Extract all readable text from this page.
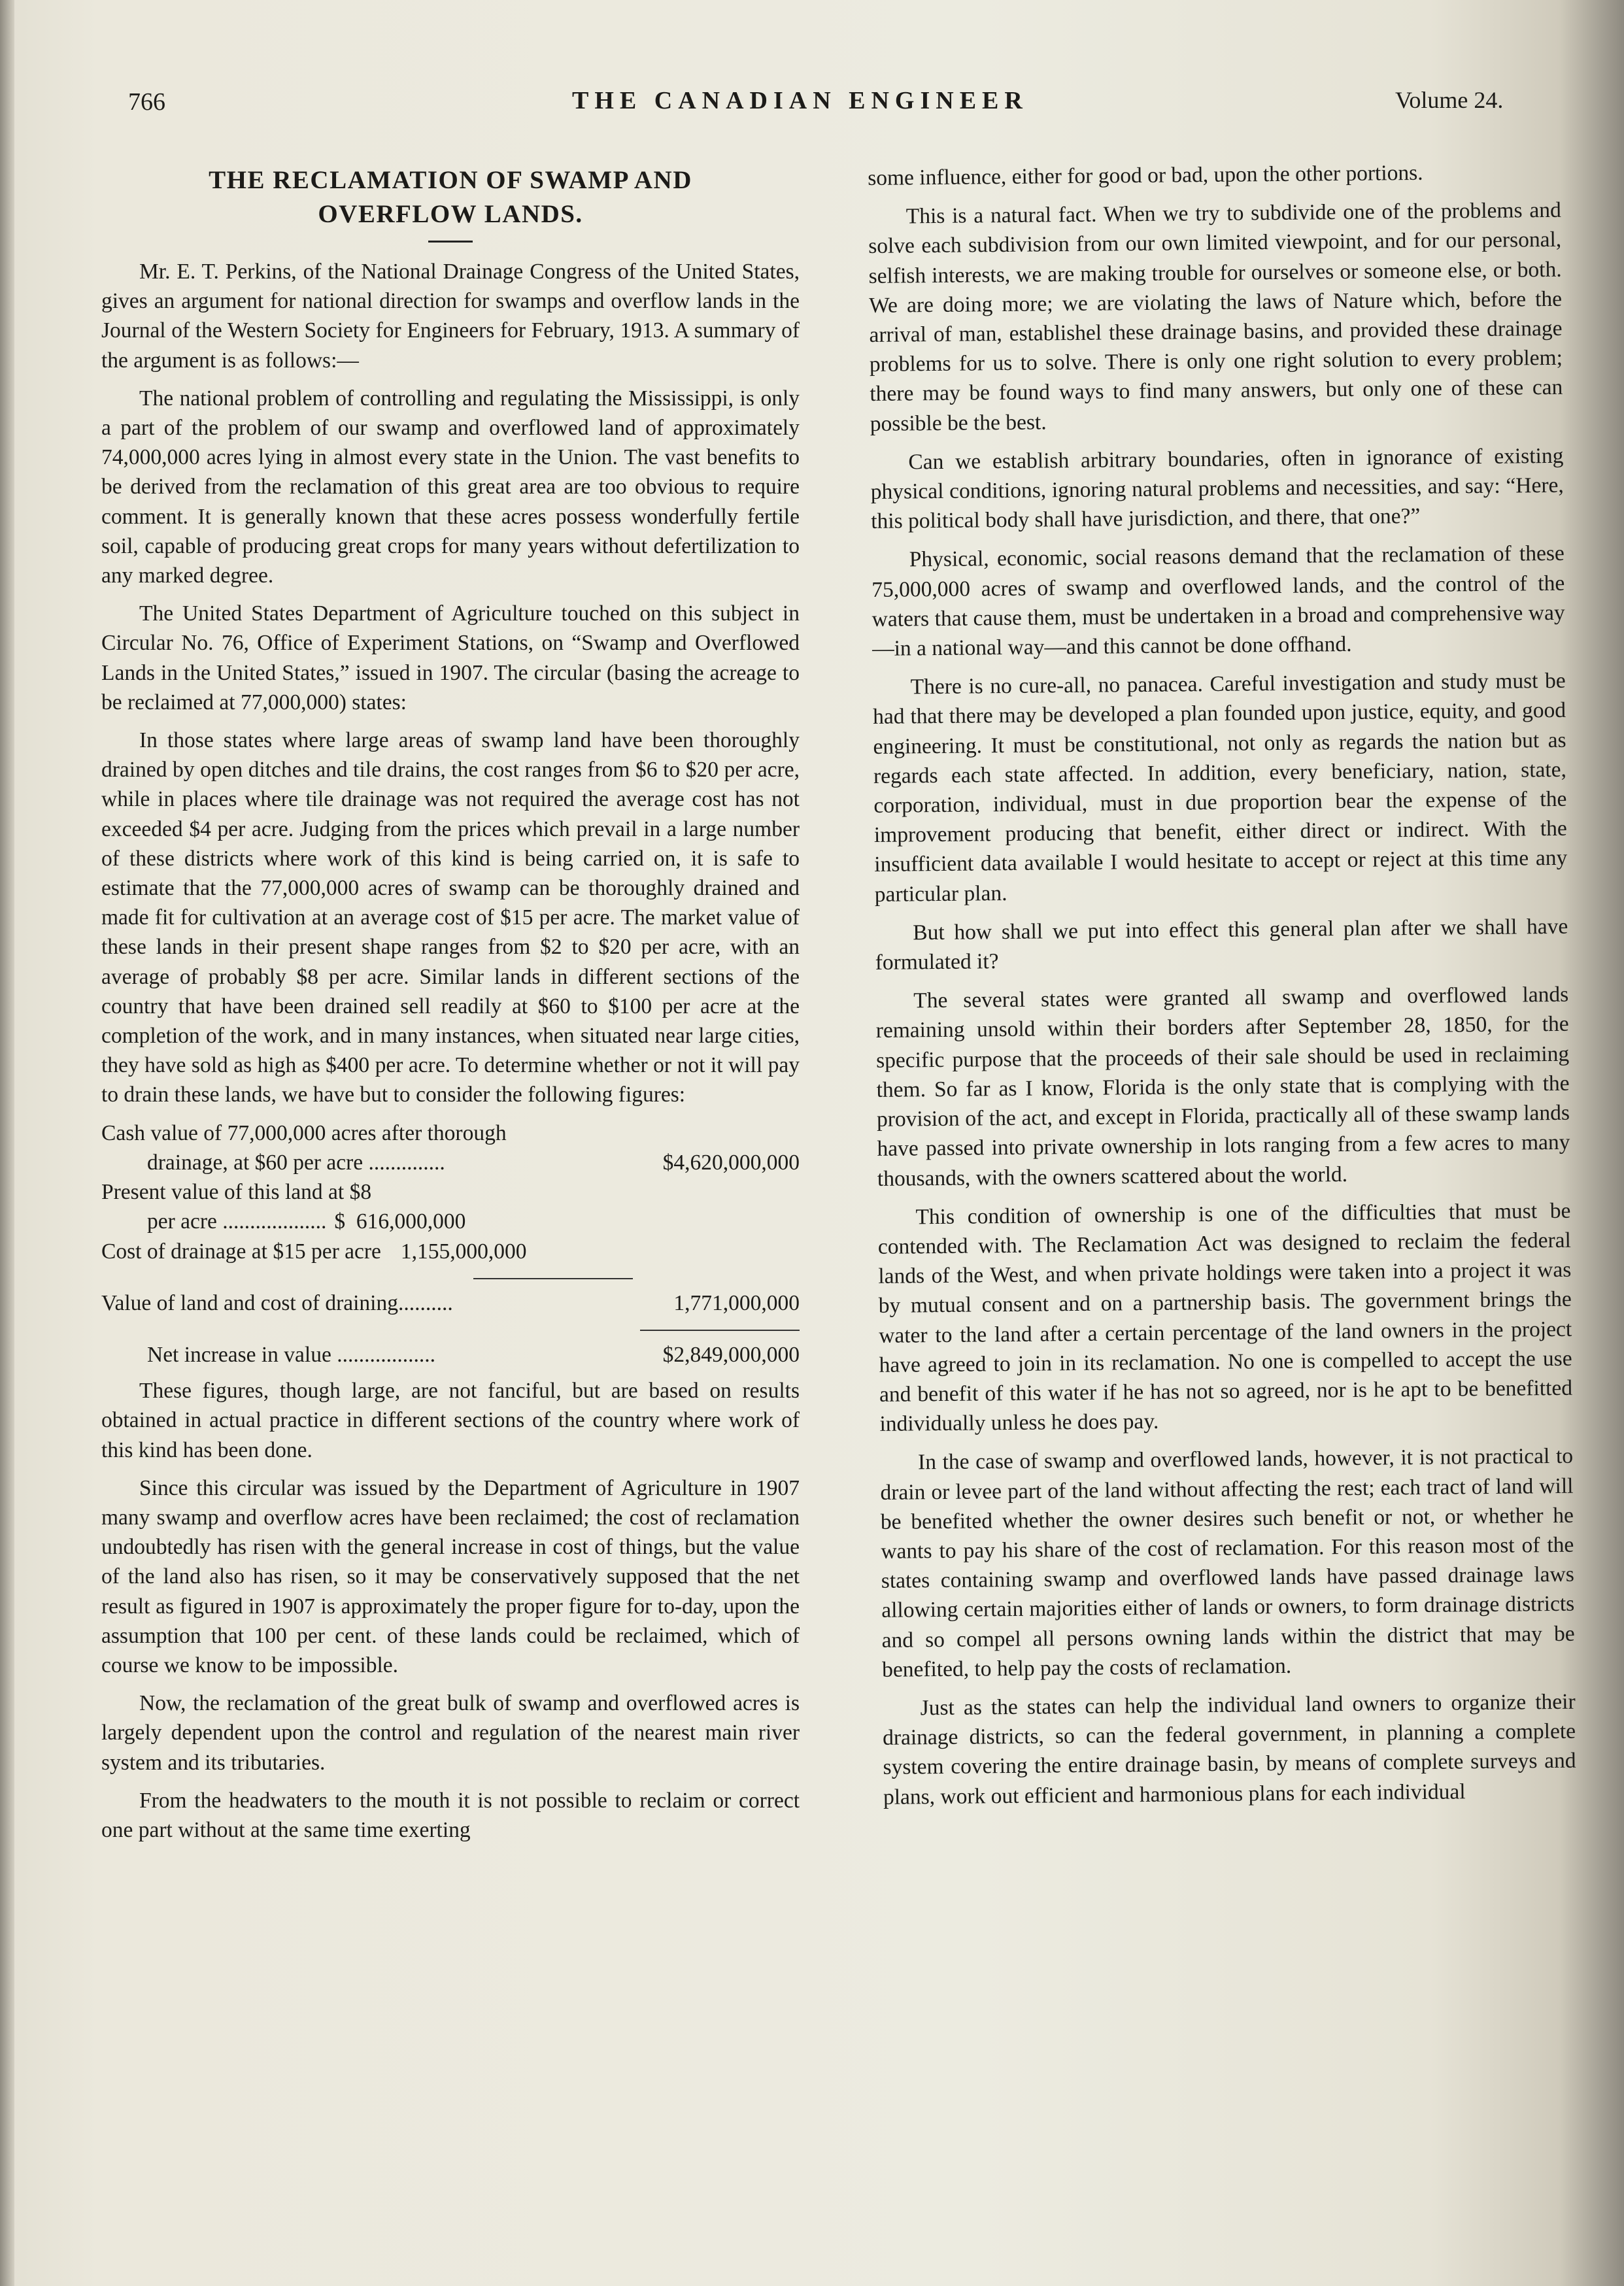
766	THE CANADIAN ENGINEER	Volume 24.
THE RECLAMATION OF SWAMP AND
OVERFLOW LANDS.

Mr. E. T. Perkins, of the National Drainage Congress of the United States, gives an argument for national direction for swamps and overflow lands in the Journal of the Western Society for Engineers for February, 1913. A summary of the argument is as follows:—

The national problem of controlling and regulating the Mississippi, is only a part of the problem of our swamp and overflowed land of approximately 74,000,000 acres lying in almost every state in the Union. The vast benefits to be derived from the reclamation of this great area are too obvious to require comment. It is generally known that these acres possess wonderfully fertile soil, capable of producing great crops for many years without defertilization to any marked degree.

The United States Department of Agriculture touched on this subject in Circular No. 76, Office of Experiment Stations, on “Swamp and Overflowed Lands in the United States,” issued in 1907. The circular (basing the acreage to be reclaimed at 77,000,000) states:

In those states where large areas of swamp land have been thoroughly drained by open ditches and tile drains, the cost ranges from $6 to $20 per acre, while in places where tile drainage was not required the average cost has not exceeded $4 per acre. Judging from the prices which prevail in a large number of these districts where work of this kind is being carried on, it is safe to estimate that the 77,000,000 acres of swamp can be thoroughly drained and made fit for cultivation at an average cost of $15 per acre. The market value of these lands in their present shape ranges from $2 to $20 per acre, with an average of probably $8 per acre. Similar lands in different sections of the country that have been drained sell readily at $60 to $100 per acre at the completion of the work, and in many instances, when situated near large cities, they have sold as high as $400 per acre. To determine whether or not it will pay to drain these lands, we have but to consider the following figures:

Cash value of 77,000,000 acres after thorough
drainage, at $60 per acre ..............	$4,620,000,000
Present value of this land at $8
per acre ................... $  616,000,000
Cost of drainage at $15 per acre 1,155,000,000
Value of land and cost of draining..........	1,771,000,000
Net increase in value ..................	$2,849,000,000

These figures, though large, are not fanciful, but are based on results obtained in actual practice in different sections of the country where work of this kind has been done.

Since this circular was issued by the Department of Agriculture in 1907 many swamp and overflow acres have been reclaimed; the cost of reclamation undoubtedly has risen with the general increase in cost of things, but the value of the land also has risen, so it may be conservatively supposed that the net result as figured in 1907 is approximately the proper figure for to-day, upon the assumption that 100 per cent. of these lands could be reclaimed, which of course we know to be impossible.

Now, the reclamation of the great bulk of swamp and overflowed acres is largely dependent upon the control and regulation of the nearest main river system and its tributaries.

From the headwaters to the mouth it is not possible to reclaim or correct one part without at the same time exerting

some influence, either for good or bad, upon the other portions.

This is a natural fact. When we try to subdivide one of the problems and solve each subdivision from our own limited viewpoint, and for our personal, selfish interests, we are making trouble for ourselves or someone else, or both. We are doing more; we are violating the laws of Nature which, before the arrival of man, establishel these drainage basins, and provided these drainage problems for us to solve. There is only one right solution to every problem; there may be found ways to find many answers, but only one of these can possible be the best.

Can we establish arbitrary boundaries, often in ignorance of existing physical conditions, ignoring natural problems and necessities, and say: “Here, this political body shall have jurisdiction, and there, that one?”

Physical, economic, social reasons demand that the reclamation of these 75,000,000 acres of swamp and overflowed lands, and the control of the waters that cause them, must be undertaken in a broad and comprehensive way—in a national way—and this cannot be done offhand.

There is no cure-all, no panacea. Careful investigation and study must be had that there may be developed a plan founded upon justice, equity, and good engineering. It must be constitutional, not only as regards the nation but as regards each state affected. In addition, every beneficiary, nation, state, corporation, individual, must in due proportion bear the expense of the improvement producing that benefit, either direct or indirect. With the insufficient data available I would hesitate to accept or reject at this time any particular plan.

But how shall we put into effect this general plan after we shall have formulated it?

The several states were granted all swamp and overflowed lands remaining unsold within their borders after September 28, 1850, for the specific purpose that the proceeds of their sale should be used in reclaiming them. So far as I know, Florida is the only state that is complying with the provision of the act, and except in Florida, practically all of these swamp lands have passed into private ownership in lots ranging from a few acres to many thousands, with the owners scattered about the world.

This condition of ownership is one of the difficulties that must be contended with. The Reclamation Act was designed to reclaim the federal lands of the West, and when private holdings were taken into a project it was by mutual consent and on a partnership basis. The government brings the water to the land after a certain percentage of the land owners in the project have agreed to join in its reclamation. No one is compelled to accept the use and benefit of this water if he has not so agreed, nor is he apt to be benefitted individually unless he does pay.

In the case of swamp and overflowed lands, however, it is not practical to drain or levee part of the land without affecting the rest; each tract of land will be benefited whether the owner desires such benefit or not, or whether he wants to pay his share of the cost of reclamation. For this reason most of the states containing swamp and overflowed lands have passed drainage laws allowing certain majorities either of lands or owners, to form drainage districts and so compel all persons owning lands within the district that may be benefited, to help pay the costs of reclamation.

Just as the states can help the individual land owners to organize their drainage districts, so can the federal government, in planning a complete system covering the entire drainage basin, by means of complete surveys and plans, work out efficient and harmonious plans for each individual
